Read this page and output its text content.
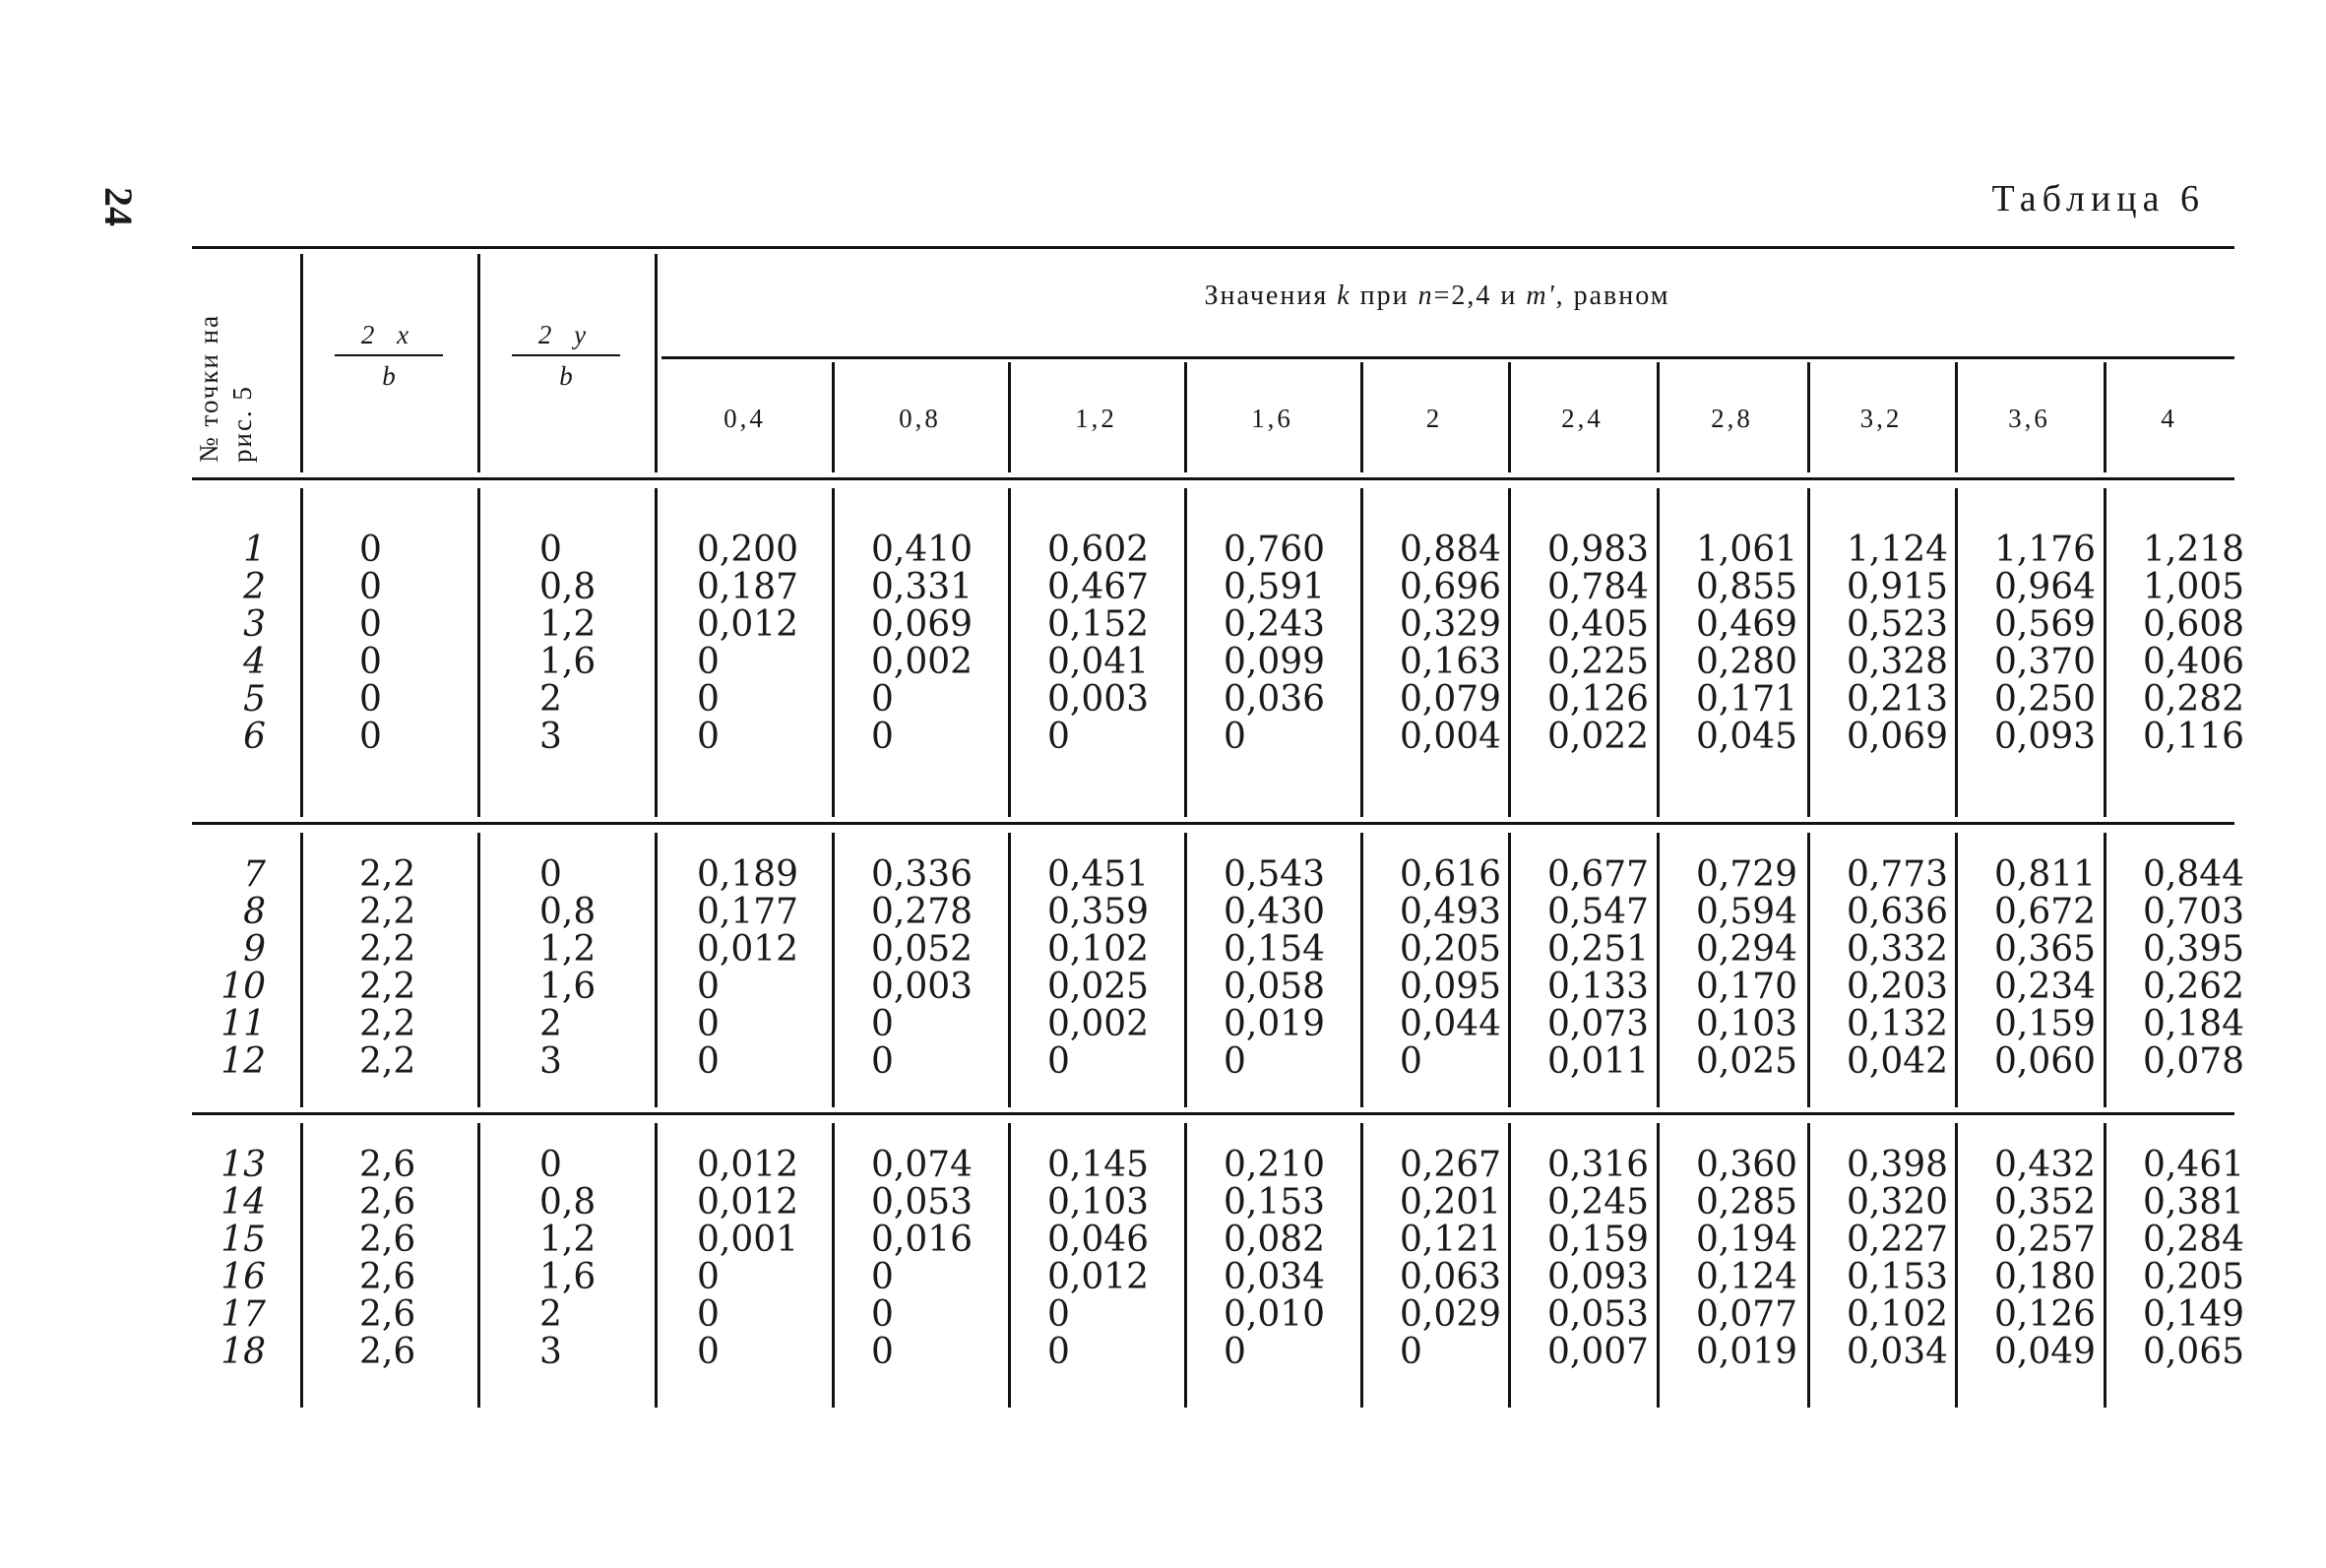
24	Таблица 6
Значения k при n=2,4 и m', равном
№ точки на рис. 5
2 x
b
2 y
b
0,4	0,8	1,2	1,6	2	2,4	2,8	3,2	3,6	4
1	0	0	0,200 0,410 0,602 0,760 0,884 0,983 1,061 1,124 1,176 1,218
2	0	0,8	0,187 0,331 0,467 0,591 0,696 0,784 0,855 0,915 0,964 1,005
3	0	1,2	0,012 0,069 0,152 0,243 0,329 0,405 0,469 0,523 0,569 0,608
4	0	1,6	0	0,002 0,041 0,099 0,163 0,225 0,280 0,328 0,370 0,406
5	0	2	0	0	0,003 0,036 0,079 0,126 0,171 0,213 0,250 0,282
6	0	3	0	0	0	0	0,004 0,022 0,045 0,069 0,093 0,116
7	2,2	0	0,189 0,336 0,451 0,543 0,616 0,677 0,729 0,773 0,811 0,844
8	2,2	0,8	0,177 0,278 0,359 0,430 0,493 0,547 0,594 0,636 0,672 0,703
9	2,2	1,2	0,012 0,052 0,102 0,154 0,205 0,251 0,294 0,332 0,365 0,395
10	2,2	1,6	0	0,003 0,025 0,058 0,095 0,133 0,170 0,203 0,234 0,262
11	2,2	2	0	0	0,002 0,019 0,044 0,073 0,103 0,132 0,159 0,184
12	2,2	3	0	0	0	0	0	0,011 0,025 0,042 0,060 0,078
13	2,6	0	0,012 0,074 0,145 0,210 0,267 0,316 0,360 0,398 0,432 0,461
14	2,6	0,8	0,012 0,053 0,103 0,153 0,201 0,245 0,285 0,320 0,352 0,381
15	2,6	1,2	0,001 0,016 0,046 0,082 0,121 0,159 0,194 0,227 0,257 0,284
16	2,6	1,6	0	0	0,012 0,034 0,063 0,093 0,124 0,153 0,180 0,205
17	2,6	2	0	0	0	0,010 0,029 0,053 0,077 0,102 0,126 0,149
18	2,6	3	0	0	0	0	0	0,007 0,019 0,034 0,049 0,065
